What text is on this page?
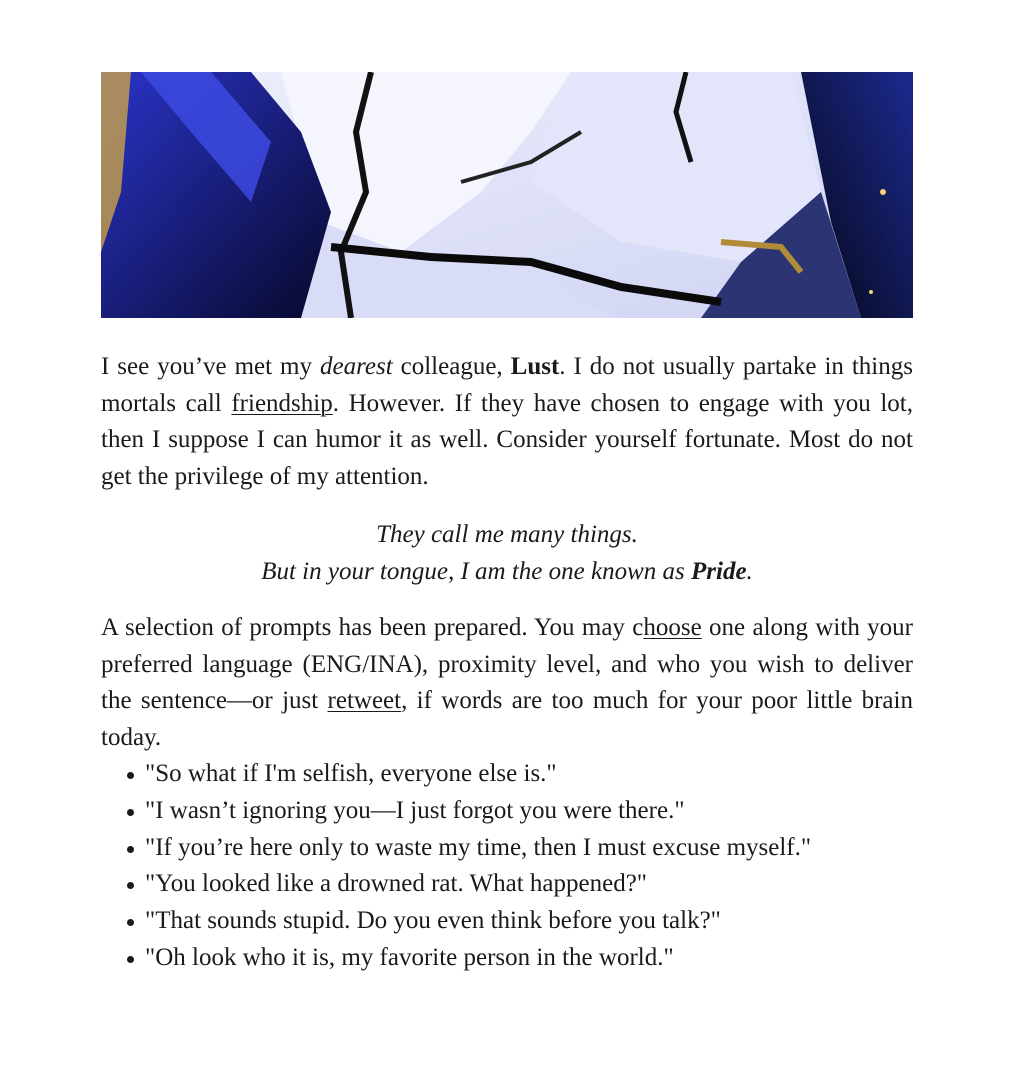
I see you’ve met my dearest colleague, Lust. I do not usually partake in things mortals call friendship. However. If they have chosen to engage with you lot, then I suppose I can humor it as well. Consider yourself fortunate. Most do not get the privilege of my attention.

They call me many things.
But in your tongue, I am the one known as Pride.

A selection of prompts has been prepared. You may choose one along with your preferred language (ENG/INA), proximity level, and who you wish to deliver the sentence—or just retweet, if words are too much for your poor little brain today.

"So what if I'm selfish, everyone else is."
"I wasn’t ignoring you—I just forgot you were there."
"If you’re here only to waste my time, then I must excuse myself."
"You looked like a drowned rat. What happened?"
"That sounds stupid. Do you even think before you talk?"
"Oh look who it is, my favorite person in the world."
